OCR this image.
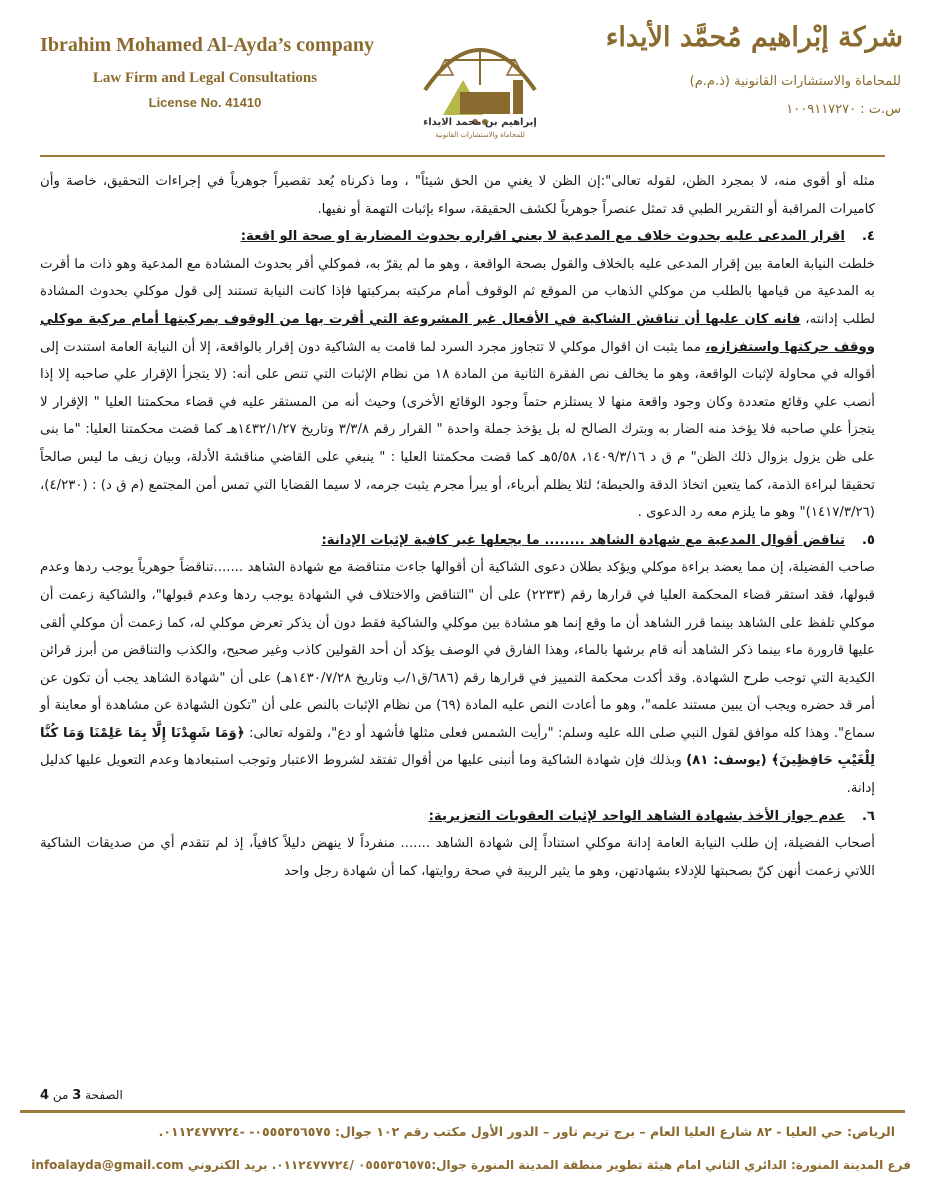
Ibrahim Mohamed Al-Ayda’s company
Law Firm and Legal Consultations
License No. 41410
إبراهيم بن محمد الايداء
للمحاماة والاستشارات القانونية
شركة إبْراهيم مُحمَّد الأيداء
للمحاماة والاستشارات القانونية (ذ.م.م)
س.ت : ١٠٠٩١١٧٢٧٠

مثله أو أقوى منه، لا بمجرد الظن، لقوله تعالى":إن الظن لا يغني من الحق شيئاً" ، وما ذكرناه يُعد تقصيراً جوهرياً في إجراءات التحقيق، خاصة وأن كاميرات المراقبة أو التقرير الطبي قد تمثل عنصراً جوهرياً لكشف الحقيقة، سواء بإثبات التهمة أو نفيها.

٤.اقرار المدعى عليه بحدوث خلاف مع المدعية لا يعني اقراره بحدوث المضاربة او صحة الو اقعة:

خلطت النيابة العامة بين إقرار المدعى عليه بالخلاف والقول بصحة الواقعة ، وهو ما لم يقرّ به، فموكلي أقر بحدوث المشادة مع المدعية وهو ذات ما أقرت به المدعية من قيامها بالطلب من موكلي الذهاب من الموقع ثم الوقوف أمام مركبته بمركبتها فإذا كانت النيابة تستند إلى قول موكلي بحدوث المشادة لطلب إدانته، فانه كان عليها أن تناقش الشاكية في الأفعال غير المشروعة التي أقرت بها من الوقوف بمركبتها أمام مركبة موكلي ووقف حركتها واستفزازه، مما يثبت ان اقوال موكلي لا تتجاوز مجرد السرد لما قامت به الشاكية دون إقرار بالواقعة، إلا أن النيابة العامة استندت إلى أقواله في محاولة لإثبات الواقعة، وهو ما يخالف نص الفقرة الثانية من المادة ١٨ من نظام الإثبات التي تنص على أنه: (لا يتجزأ الإقرار علي صاحبه إلا إذا أنصب علي وقائع متعددة وكان وجود واقعة منها لا يستلزم حتماً وجود الوقائع الأخرى) وحيث أنه من المستقر عليه في قضاء محكمتنا العليا " الإقرار لا يتجزأ علي صاحبه فلا يؤخذ منه الضار به وبترك الصالح له بل يؤخذ جملة واحدة " القرار رقم ٣/٣/٨ وتاريخ ١٤٣٢/١/٢٧هـ كما قضت محكمتنا العليا: "ما بنى على ظن يزول بزوال ذلك الظن" م ق د ١٤٠٩/٣/١٦، ٥/٥٨هـ كما قضت محكمتنا العليا : " ينبغي على القاضي مناقشة الأدلة، وبيان زيف ما ليس صالحاً تحقيقا لبراءة الذمة، كما يتعين اتخاذ الدقة والحيطة؛ لئلا يظلم أبرياء، أو يبرأ مجرم يثبت جرمه، لا سيما القضايا التي تمس أمن المجتمع (م ق د) : (٤/٢٣٠)، (١٤١٧/٣/٢٦)" وهو ما يلزم معه رد الدعوى .

٥.تناقض أقوال المدعية مع شهادة الشاهد ........ ما يجعلها غير كافية لإثبات الإدانة:

صاحب الفضيلة، إن مما يعضد براءة موكلي ويؤكد بطلان دعوى الشاكية أن أقوالها جاءت متناقضة مع شهادة الشاهد .......تناقضاً جوهرياً يوجب ردها وعدم قبولها، فقد استقر قضاء المحكمة العليا في قرارها رقم (٢٢٣٣) على أن "التناقض والاختلاف في الشهادة يوجب ردها وعدم قبولها"، والشاكية زعمت أن موكلي تلفظ على الشاهد بينما قرر الشاهد أن ما وقع إنما هو مشادة بين موكلي والشاكية فقط دون أن يذكر تعرض موكلي له، كما زعمت أن موكلي ألقى عليها قارورة ماء بينما ذكر الشاهد أنه قام برشها بالماء، وهذا الفارق في الوصف يؤكد أن أحد القولين كاذب وغير صحيح، والكذب والتناقض من أبرز قرائن الكيدية التي توجب طرح الشهادة. وقد أكدت محكمة التمييز في قرارها رقم (٦٨٦/ق١/ب وتاريخ ١٤٣٠/٧/٢٨هـ) على أن "شهادة الشاهد يجب أن تكون عن أمر قد حضره ويجب أن يبين مستند علمه"، وهو ما أعادت النص عليه المادة (٦٩) من نظام الإثبات بالنص على أن "تكون الشهادة عن مشاهدة أو معاينة أو سماع". وهذا كله موافق لقول النبي صلى الله عليه وسلم: "رأيت الشمس فعلى مثلها فأشهد أو دع"، ولقوله تعالى: ﴿وَمَا شَهِدْنَا إِلَّا بِمَا عَلِمْنَا وَمَا كُنَّا لِلْغَيْبِ حَافِظِينَ﴾ (يوسف: ٨١) وبذلك فإن شهادة الشاكية وما أنبنى عليها من أقوال تفتقد لشروط الاعتبار وتوجب استبعادها وعدم التعويل عليها كدليل إدانة.

٦.عدم جواز الأخذ بشهادة الشاهد الواحد لإثبات العقوبات التعزيرية:

أصحاب الفضيلة، إن طلب النيابة العامة إدانة موكلي استناداً إلى شهادة الشاهد ....... منفرداً لا ينهض دليلاً كافياً، إذ لم تتقدم أي من صديقات الشاكية اللاتي زعمت أنهن كنّ بصحبتها للإدلاء بشهادتهن، وهو ما يثير الريبة في صحة روايتها، كما أن شهادة رجل واحد

الصفحة 3 من 4
الرياض: حي العليا - ٨٢ شارع العليا العام – برج تريم تاور – الدور الأول مكتب رقم ١٠٢ جوال: ٠٥٥٥٣٥٦٥٧٥- -٠١١٢٤٧٧٧٢٤.
فرع المدينة المنورة: الدائري الثاني امام هيئة تطوير منطقة المدينة المنورة جوال:٠٥٥٥٣٥٦٥٧٥ /٠١١٢٤٧٧٧٢٤. بريد الكتروني infoalayda@gmail.com
